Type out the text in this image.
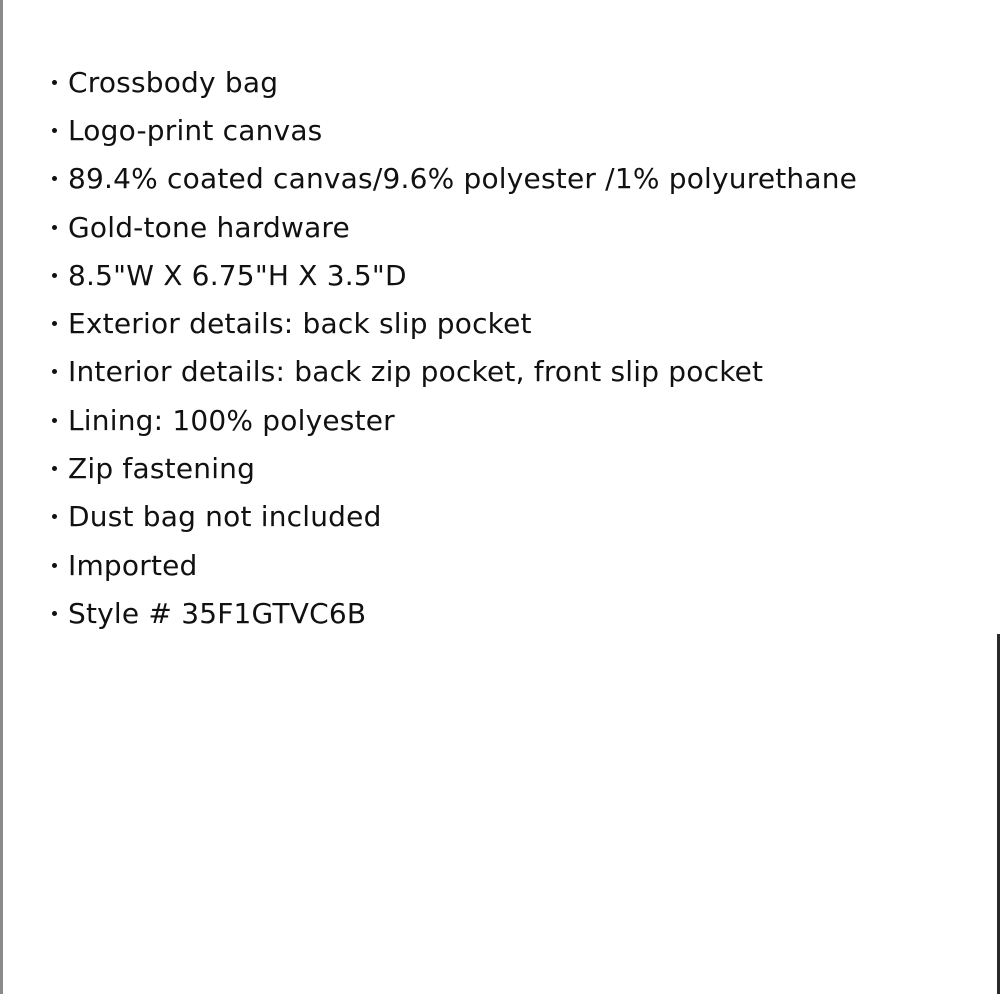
Crossbody bag
Logo-print canvas
89.4% coated canvas/9.6% polyester /1% polyurethane
Gold-tone hardware
8.5"W X 6.75"H X 3.5"D
Exterior details: back slip pocket
Interior details: back zip pocket, front slip pocket
Lining: 100% polyester
Zip fastening
Dust bag not included
Imported
Style # 35F1GTVC6B
